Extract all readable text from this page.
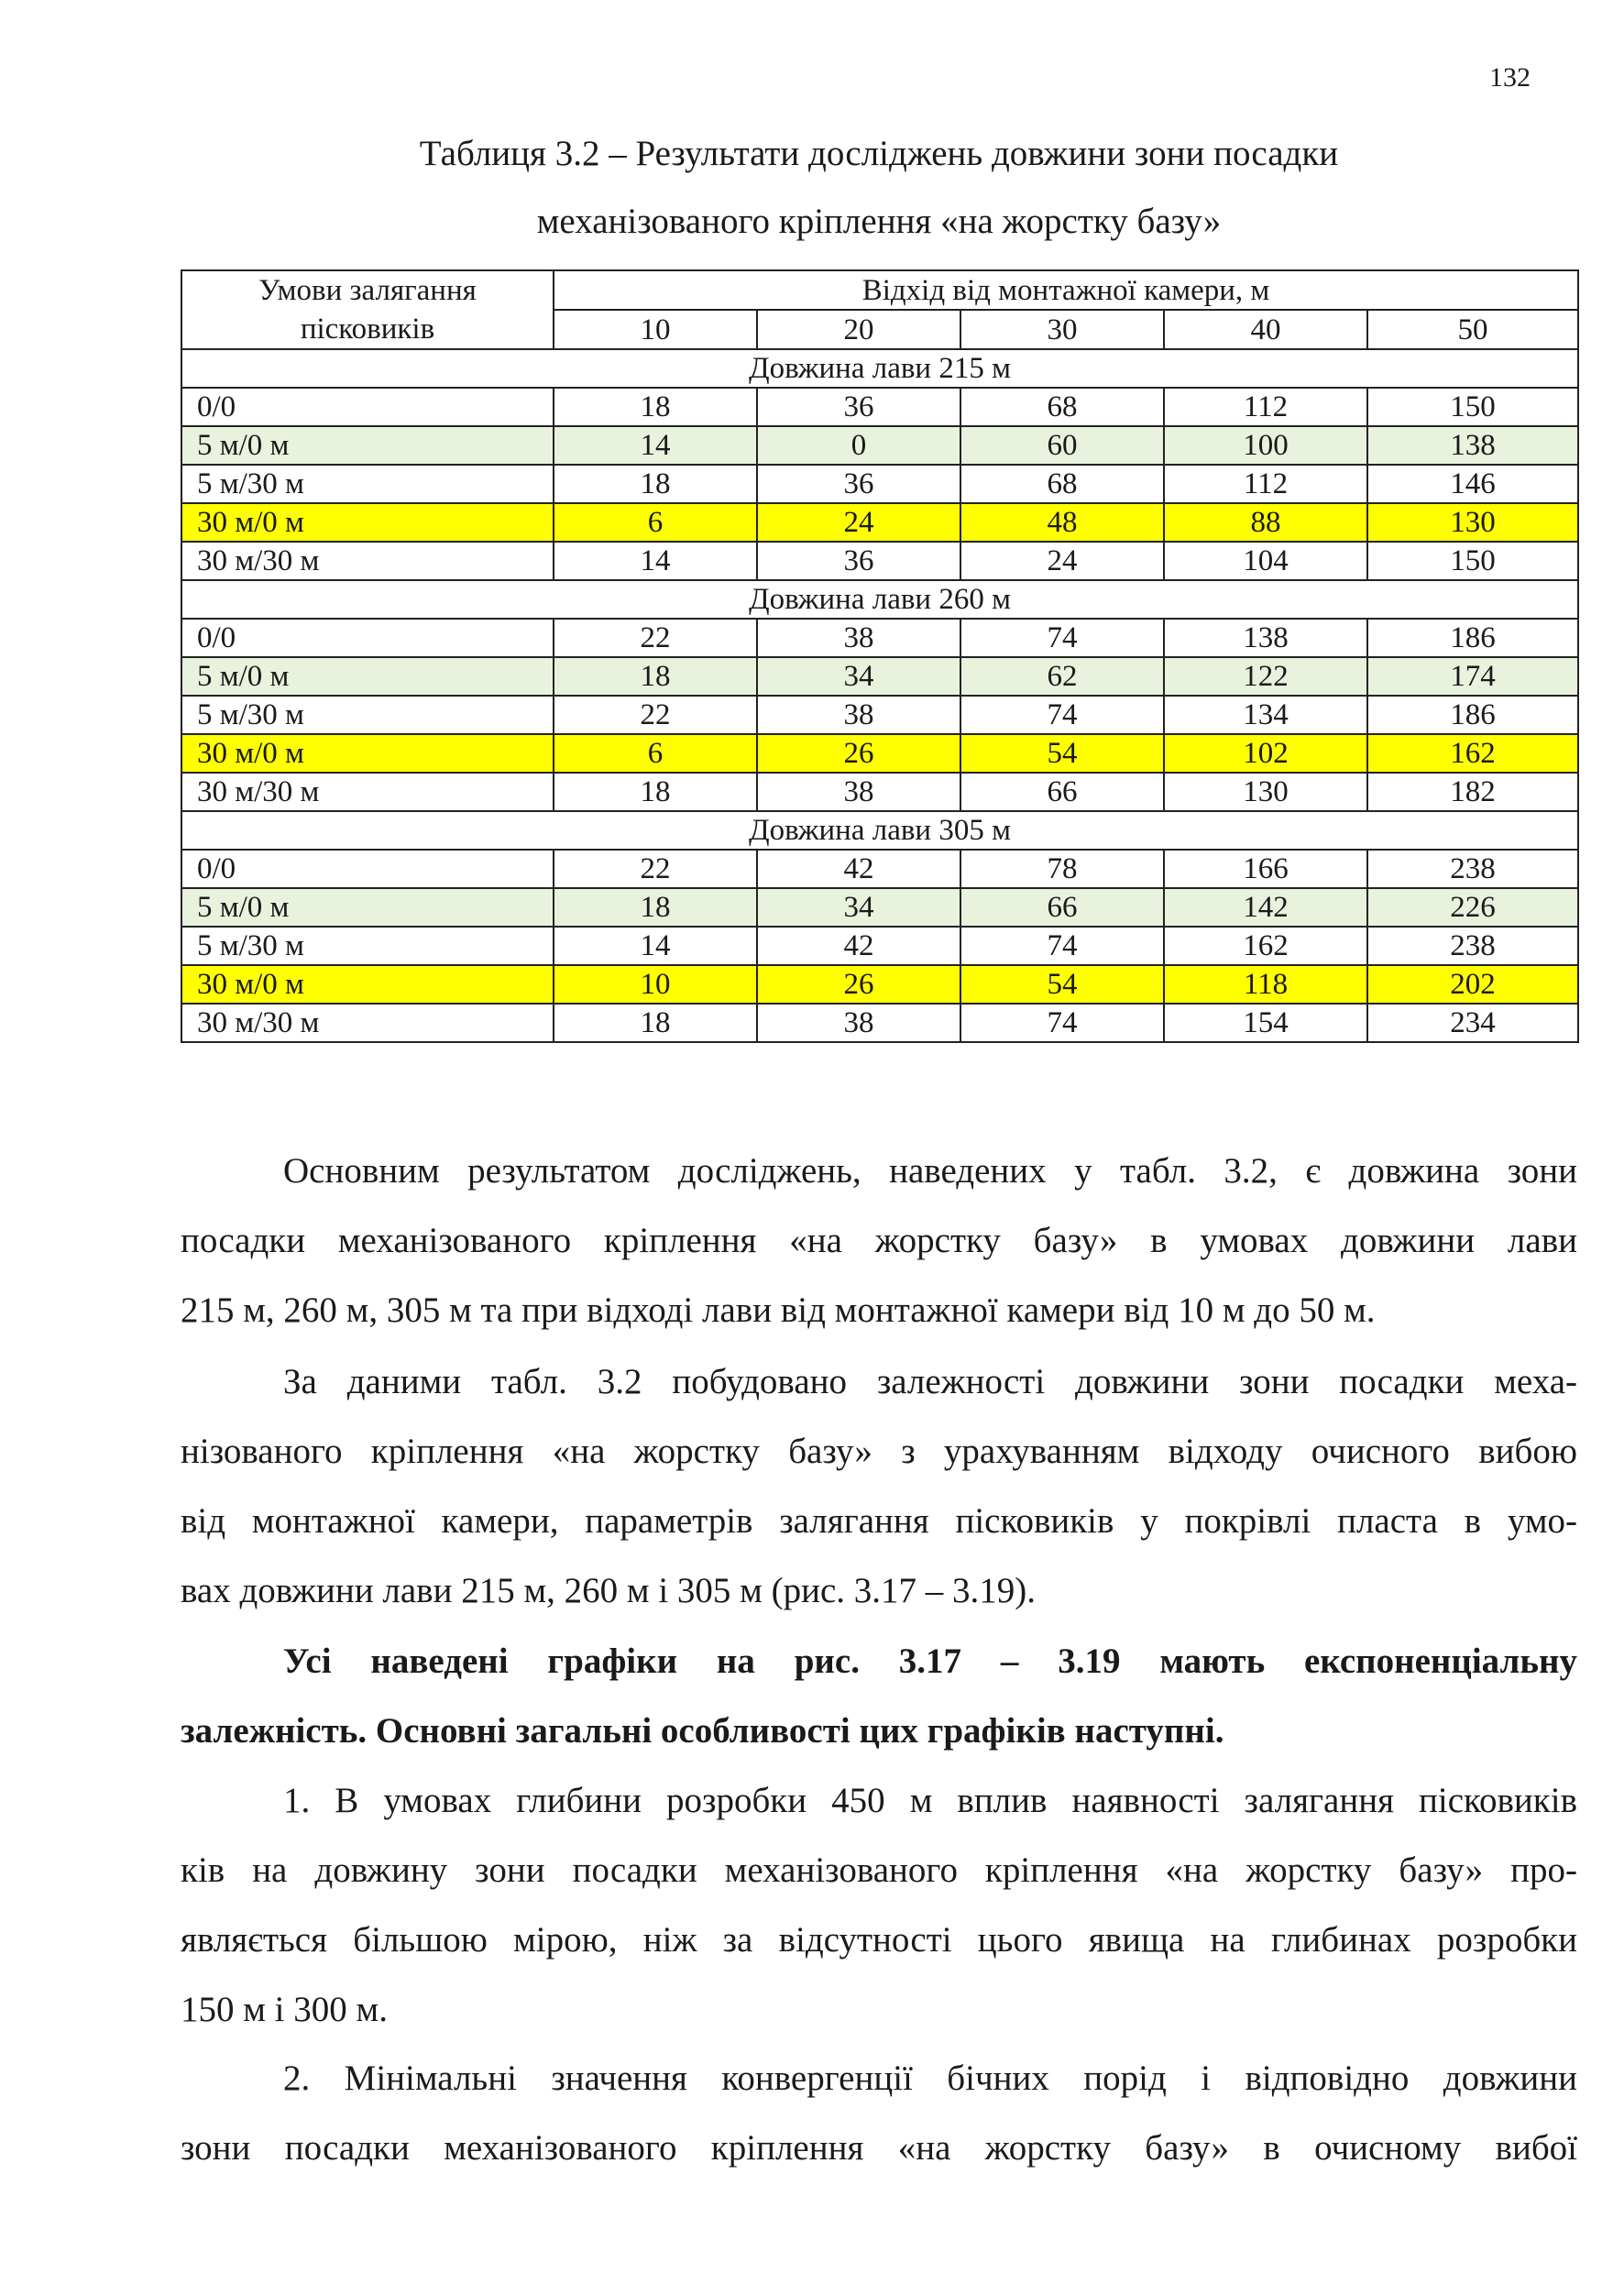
132
Таблиця 3.2 – Результати досліджень довжини зони посадки
механізованого кріплення «на жорстку базу»
Умови залягання пісковиків	Відхід від монтажної камери, м				
	10	20	30	40	50
Довжина лави 215 м					
0/0	18	36	68	112	150
5 м/0 м	14	0	60	100	138
5 м/30 м	18	36	68	112	146
30 м/0 м	6	24	48	88	130
30 м/30 м	14	36	24	104	150
Довжина лави 260 м					
0/0	22	38	74	138	186
5 м/0 м	18	34	62	122	174
5 м/30 м	22	38	74	134	186
30 м/0 м	6	26	54	102	162
30 м/30 м	18	38	66	130	182
Довжина лави 305 м					
0/0	22	42	78	166	238
5 м/0 м	18	34	66	142	226
5 м/30 м	14	42	74	162	238
30 м/0 м	10	26	54	118	202
30 м/30 м	18	38	74	154	234
Основним результатом досліджень, наведених у табл. 3.2, є довжина зони
посадки механізованого кріплення «на жорстку базу» в умовах довжини лави
215 м, 260 м, 305 м та при відході лави від монтажної камери від 10 м до 50 м.
За даними табл. 3.2 побудовано залежності довжини зони посадки меха-
нізованого кріплення «на жорстку базу» з урахуванням відходу очисного вибою
від монтажної камери, параметрів залягання пісковиків у покрівлі пласта в умо-
вах довжини лави 215 м, 260 м і 305 м (рис. 3.17 – 3.19).
Усі наведені графіки на рис. 3.17 – 3.19 мають експоненціальну
залежність. Основні загальні особливості цих графіків наступні.
1. В умовах глибини розробки 450 м вплив наявності залягання пісковиків
ків на довжину зони посадки механізованого кріплення «на жорстку базу» про-
являється більшою мірою, ніж за відсутності цього явища на глибинах розробки
150 м і 300 м.
2. Мінімальні значення конвергенції бічних порід і відповідно довжини
зони посадки механізованого кріплення «на жорстку базу» в очисному вибої
